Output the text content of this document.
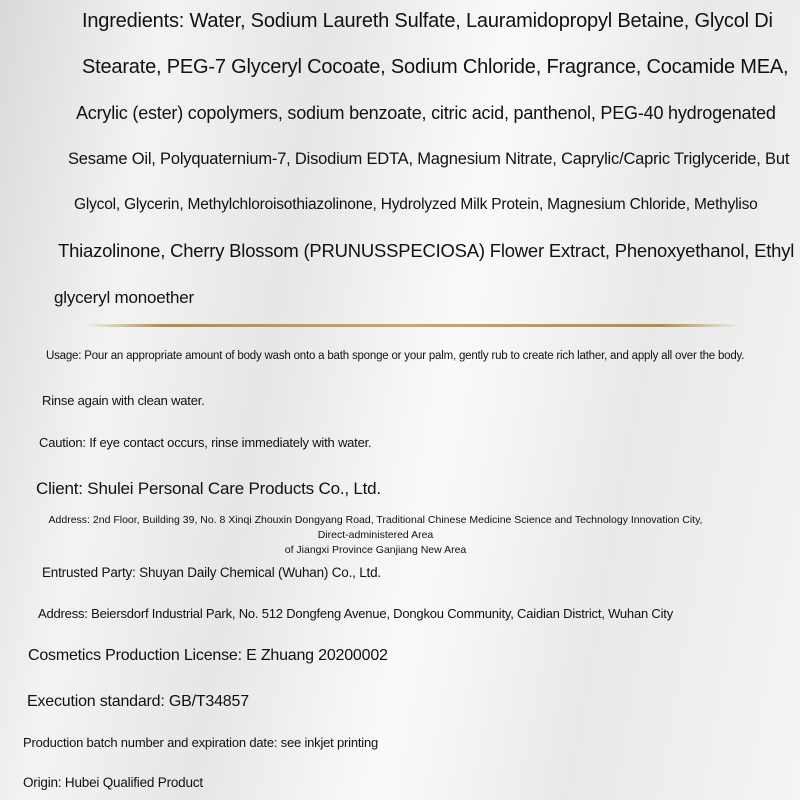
Ingredients: Water, Sodium Laureth Sulfate, Lauramidopropyl Betaine, Glycol Di
Stearate, PEG-7 Glyceryl Cocoate, Sodium Chloride, Fragrance, Cocamide MEA,
Acrylic (ester) copolymers, sodium benzoate, citric acid, panthenol, PEG-40 hydrogenated
Sesame Oil, Polyquaternium-7, Disodium EDTA, Magnesium Nitrate, Caprylic/Capric Triglyceride, But
Glycol, Glycerin, Methylchloroisothiazolinone, Hydrolyzed Milk Protein, Magnesium Chloride, Methyliso
Thiazolinone, Cherry Blossom (PRUNUSSPECIOSA) Flower Extract, Phenoxyethanol, Ethyl
glyceryl monoether
Usage: Pour an appropriate amount of body wash onto a bath sponge or your palm, gently rub to create rich lather, and apply all over the body.
Rinse again with clean water.
Caution: If eye contact occurs, rinse immediately with water.
Client: Shulei Personal Care Products Co., Ltd.
Address: 2nd Floor, Building 39, No. 8 Xinqi Zhouxin Dongyang Road, Traditional Chinese Medicine Science and Technology Innovation City, Direct-administered Area
of Jiangxi Province Ganjiang New Area
Entrusted Party: Shuyan Daily Chemical (Wuhan) Co., Ltd.
Address: Beiersdorf Industrial Park, No. 512 Dongfeng Avenue, Dongkou Community, Caidian District, Wuhan City
Cosmetics Production License: E Zhuang 20200002
Execution standard: GB/T34857
Production batch number and expiration date: see inkjet printing
Origin: Hubei Qualified Product
